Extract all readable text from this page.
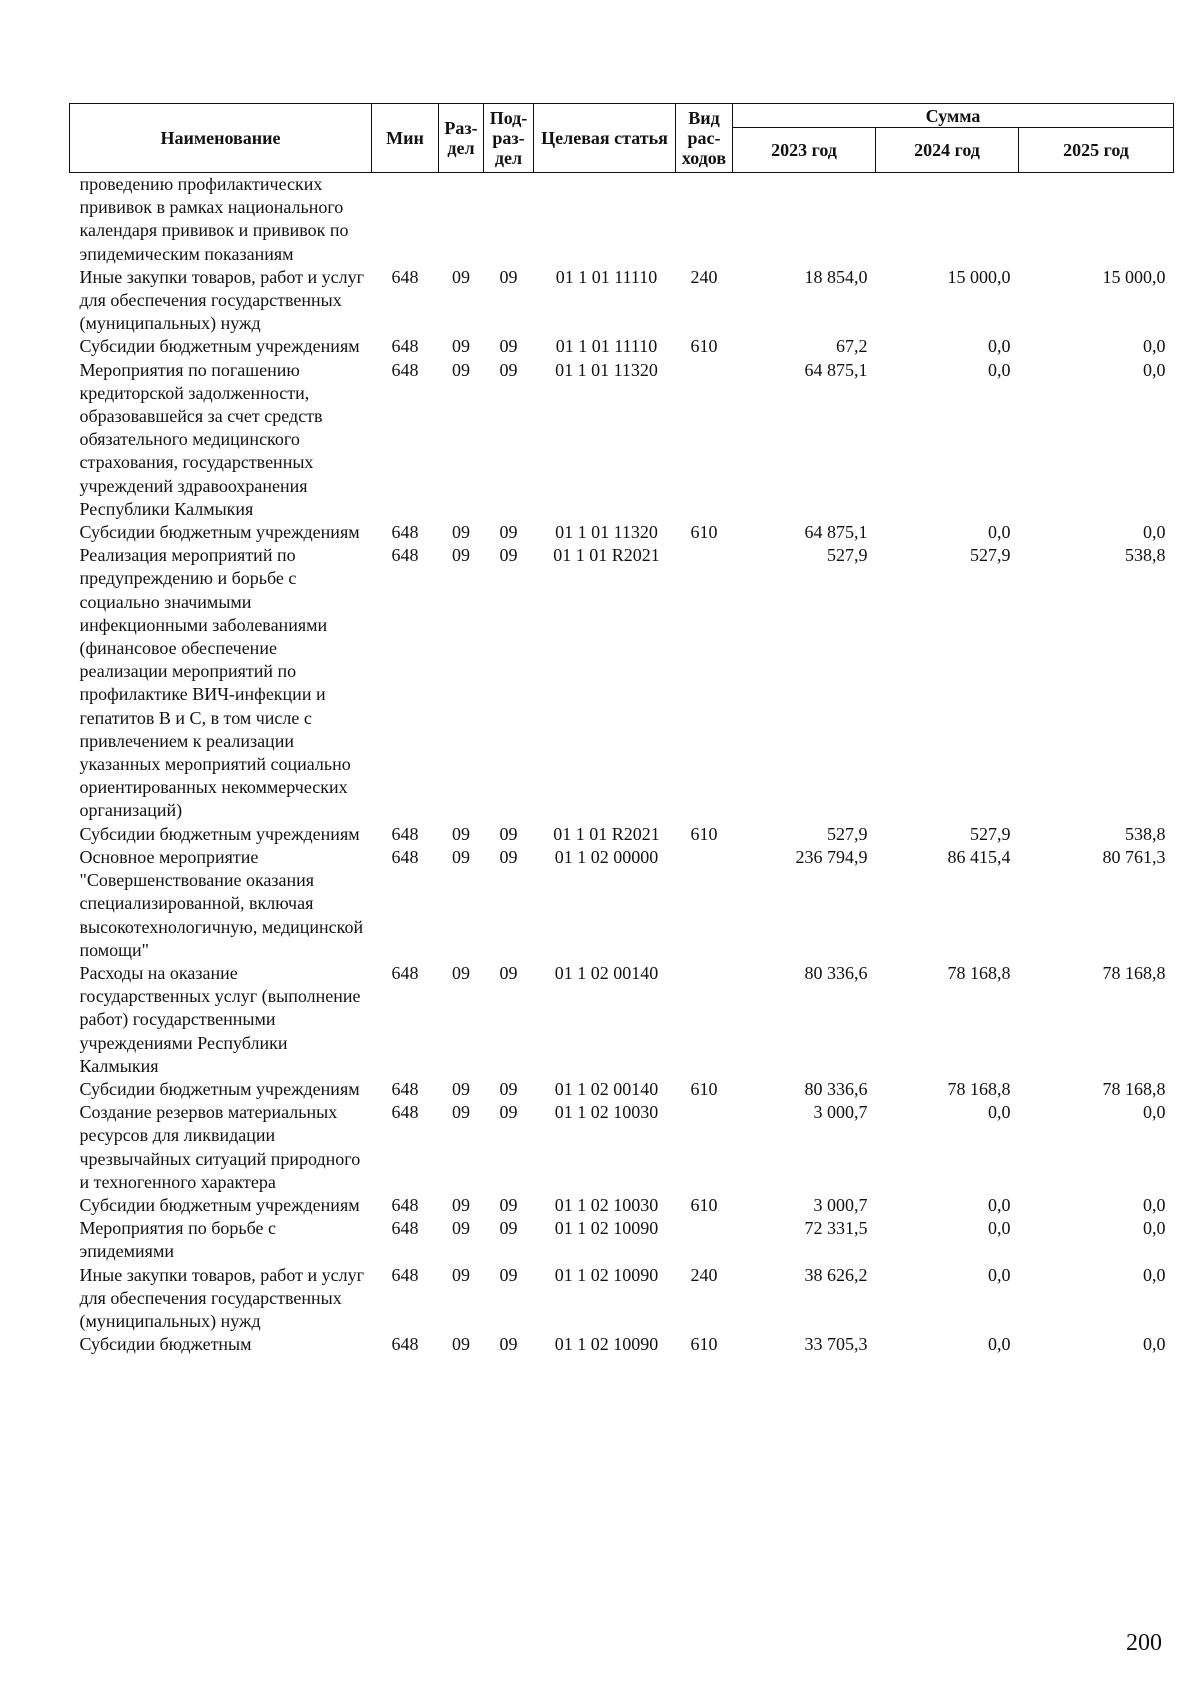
Наименование	Мин	Раз-дел	Под-раз-дел	Целевая статья	Вид рас-ходов	Сумма		
						2023 год	2024 год	2025 год
проведению профилактических прививок в рамках национального календаря прививок и прививок по эпидемическим показаниям								
Иные закупки товаров, работ и услуг для обеспечения государственных (муниципальных) нужд	648	09	09	01 1 01 11110	240	18 854,0	15 000,0	15 000,0
Субсидии бюджетным учреждениям	648	09	09	01 1 01 11110	610	67,2	0,0	0,0
Мероприятия по погашению кредиторской задолженности, образовавшейся за счет средств обязательного медицинского страхования, государственных учреждений здравоохранения Республики Калмыкия	648	09	09	01 1 01 11320		64 875,1	0,0	0,0
Субсидии бюджетным учреждениям	648	09	09	01 1 01 11320	610	64 875,1	0,0	0,0
Реализация мероприятий по предупреждению и борьбе с социально значимыми инфекционными заболеваниями (финансовое обеспечение реализации мероприятий по профилактике ВИЧ-инфекции и гепатитов В и С, в том числе с привлечением к реализации указанных мероприятий социально ориентированных некоммерческих организаций)	648	09	09	01 1 01 R2021		527,9	527,9	538,8
Субсидии бюджетным учреждениям	648	09	09	01 1 01 R2021	610	527,9	527,9	538,8
Основное мероприятие "Совершенствование оказания специализированной, включая высокотехнологичную, медицинской помощи"	648	09	09	01 1 02 00000		236 794,9	86 415,4	80 761,3
Расходы на оказание государственных услуг (выполнение работ) государственными учреждениями Республики Калмыкия	648	09	09	01 1 02 00140		80 336,6	78 168,8	78 168,8
Субсидии бюджетным учреждениям	648	09	09	01 1 02 00140	610	80 336,6	78 168,8	78 168,8
Создание резервов материальных ресурсов для ликвидации чрезвычайных ситуаций природного и техногенного характера	648	09	09	01 1 02 10030		3 000,7	0,0	0,0
Субсидии бюджетным учреждениям	648	09	09	01 1 02 10030	610	3 000,7	0,0	0,0
Мероприятия по борьбе с эпидемиями	648	09	09	01 1 02 10090		72 331,5	0,0	0,0
Иные закупки товаров, работ и услуг для обеспечения государственных (муниципальных) нужд	648	09	09	01 1 02 10090	240	38 626,2	0,0	0,0
Субсидии бюджетным	648	09	09	01 1 02 10090	610	33 705,3	0,0	0,0
200
